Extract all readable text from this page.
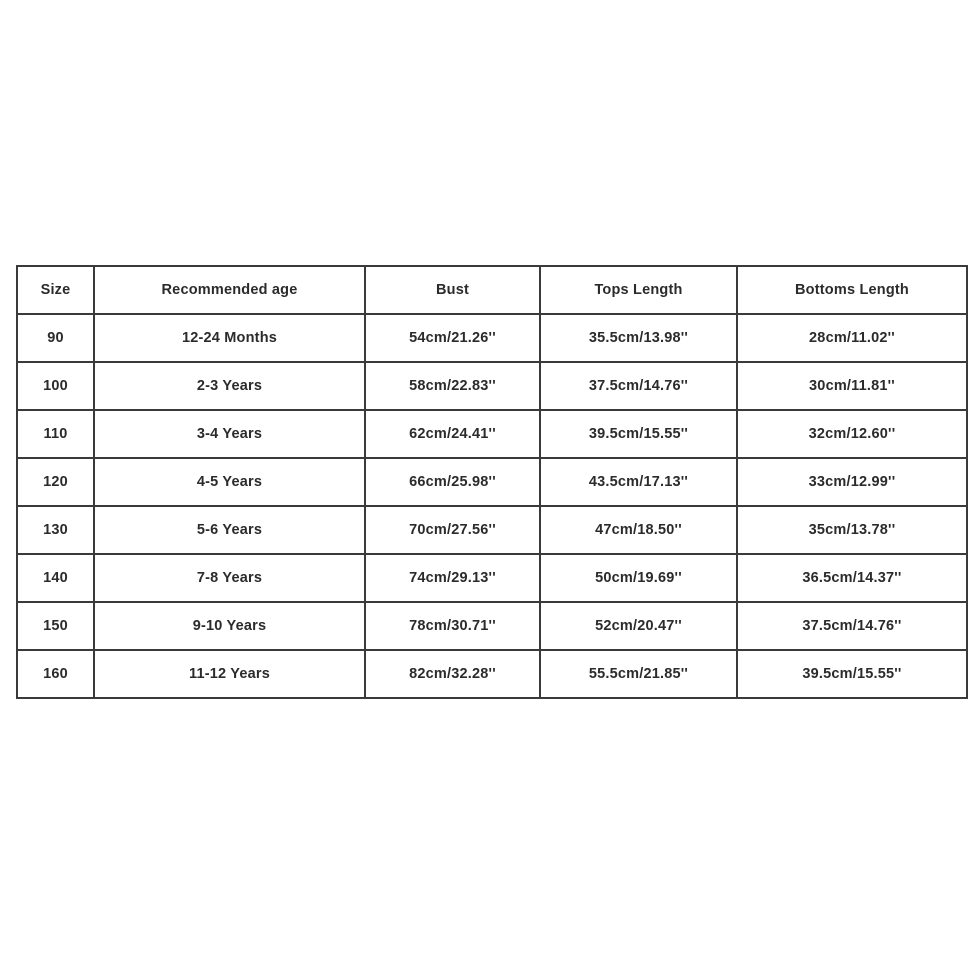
Size	Recommended age	Bust	Tops Length	Bottoms Length
90	12-24 Months	54cm/21.26''	35.5cm/13.98''	28cm/11.02''
100	2-3 Years	58cm/22.83''	37.5cm/14.76''	30cm/11.81''
110	3-4 Years	62cm/24.41''	39.5cm/15.55''	32cm/12.60''
120	4-5 Years	66cm/25.98''	43.5cm/17.13''	33cm/12.99''
130	5-6 Years	70cm/27.56''	47cm/18.50''	35cm/13.78''
140	7-8 Years	74cm/29.13''	50cm/19.69''	36.5cm/14.37''
150	9-10 Years	78cm/30.71''	52cm/20.47''	37.5cm/14.76''
160	11-12 Years	82cm/32.28''	55.5cm/21.85''	39.5cm/15.55''
